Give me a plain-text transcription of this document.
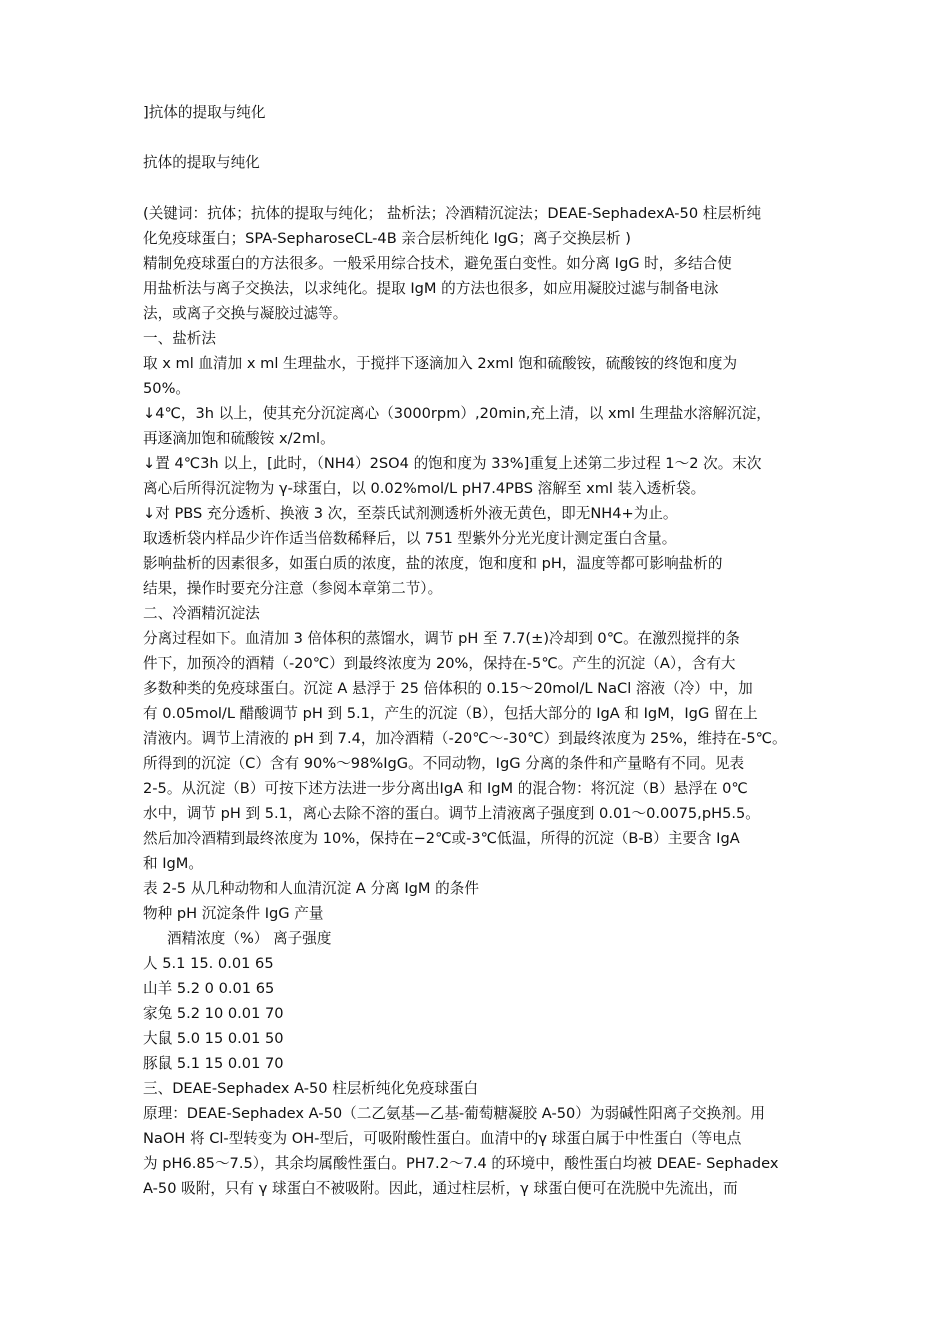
]抗体的提取与纯化

抗体的提取与纯化

(关键词：抗体；抗体的提取与纯化； 盐析法；冷酒精沉淀法；DEAE-SephadexA-50 柱层析纯

化免疫球蛋白；SPA-SepharoseCL-4B 亲合层析纯化 IgG；离子交换层析 )

精制免疫球蛋白的方法很多。一般采用综合技术，避免蛋白变性。如分离 IgG 时，多结合使

用盐析法与离子交换法，以求纯化。提取 IgM 的方法也很多，如应用凝胶过滤与制备电泳

法，或离子交换与凝胶过滤等。

一、盐析法

取 x ml 血清加 x ml 生理盐水，于搅拌下逐滴加入 2xml 饱和硫酸铵，硫酸铵的终饱和度为

50%。

↓4℃，3h 以上，使其充分沉淀离心（3000rpm）,20min,充上清，以 xml 生理盐水溶解沉淀，

再逐滴加饱和硫酸铵 x/2ml。

↓置 4℃3h 以上，[此时，（NH4）2SO4 的饱和度为 33%]重复上述第二步过程 1～2 次。末次

离心后所得沉淀物为 γ-球蛋白，以 0.02%mol/L pH7.4PBS 溶解至 xml 装入透析袋。

↓对 PBS 充分透析、换液 3 次，至萘氏试剂测透析外液无黄色，即无NH4+为止。

取透析袋内样品少许作适当倍数稀释后，以 751 型紫外分光光度计测定蛋白含量。

影响盐析的因素很多，如蛋白质的浓度，盐的浓度，饱和度和 pH，温度等都可影响盐析的

结果，操作时要充分注意（参阅本章第二节）。

二、冷酒精沉淀法

分离过程如下。血清加 3 倍体积的蒸馏水，调节 pH 至 7.7(±)冷却到 0℃。在激烈搅拌的条

件下，加预冷的酒精（-20℃）到最终浓度为 20%，保持在-5℃。产生的沉淀（A），含有大

多数种类的免疫球蛋白。沉淀 A 悬浮于 25 倍体积的 0.15～20mol/L NaCl 溶液（冷）中，加

有 0.05mol/L 醋酸调节 pH 到 5.1，产生的沉淀（B），包括大部分的 IgA 和 IgM，IgG 留在上

清液内。调节上清液的 pH 到 7.4，加冷酒精（-20℃～-30℃）到最终浓度为 25%，维持在-5℃。

所得到的沉淀（C）含有 90%～98%IgG。不同动物，IgG 分离的条件和产量略有不同。见表

2-5。从沉淀（B）可按下述方法进一步分离出IgA 和 IgM 的混合物：将沉淀（B）悬浮在 0℃

水中，调节 pH 到 5.1，离心去除不溶的蛋白。调节上清液离子强度到 0.01～0.0075,pH5.5。

然后加冷酒精到最终浓度为 10%，保持在−2℃或-3℃低温，所得的沉淀（B-B）主要含 IgA

和 IgM。

表 2-5 从几种动物和人血清沉淀 A 分离 IgM 的条件

物种 pH 沉淀条件 IgG 产量

酒精浓度（%） 离子强度

人 5.1 15. 0.01 65

山羊 5.2 0 0.01 65

家兔 5.2 10 0.01 70

大鼠 5.0 15 0.01 50

豚鼠 5.1 15 0.01 70

三、DEAE-Sephadex A-50 柱层析纯化免疫球蛋白

原理：DEAE-Sephadex A-50（二乙氨基—乙基-葡萄糖凝胶 A-50）为弱碱性阳离子交换剂。用

NaOH 将 Cl-型转变为 OH-型后，可吸附酸性蛋白。血清中的γ 球蛋白属于中性蛋白（等电点

为 pH6.85～7.5），其余均属酸性蛋白。PH7.2～7.4 的环境中，酸性蛋白均被 DEAE- Sephadex

A-50 吸附，只有 γ 球蛋白不被吸附。因此，通过柱层析，γ 球蛋白便可在洗脱中先流出，而
